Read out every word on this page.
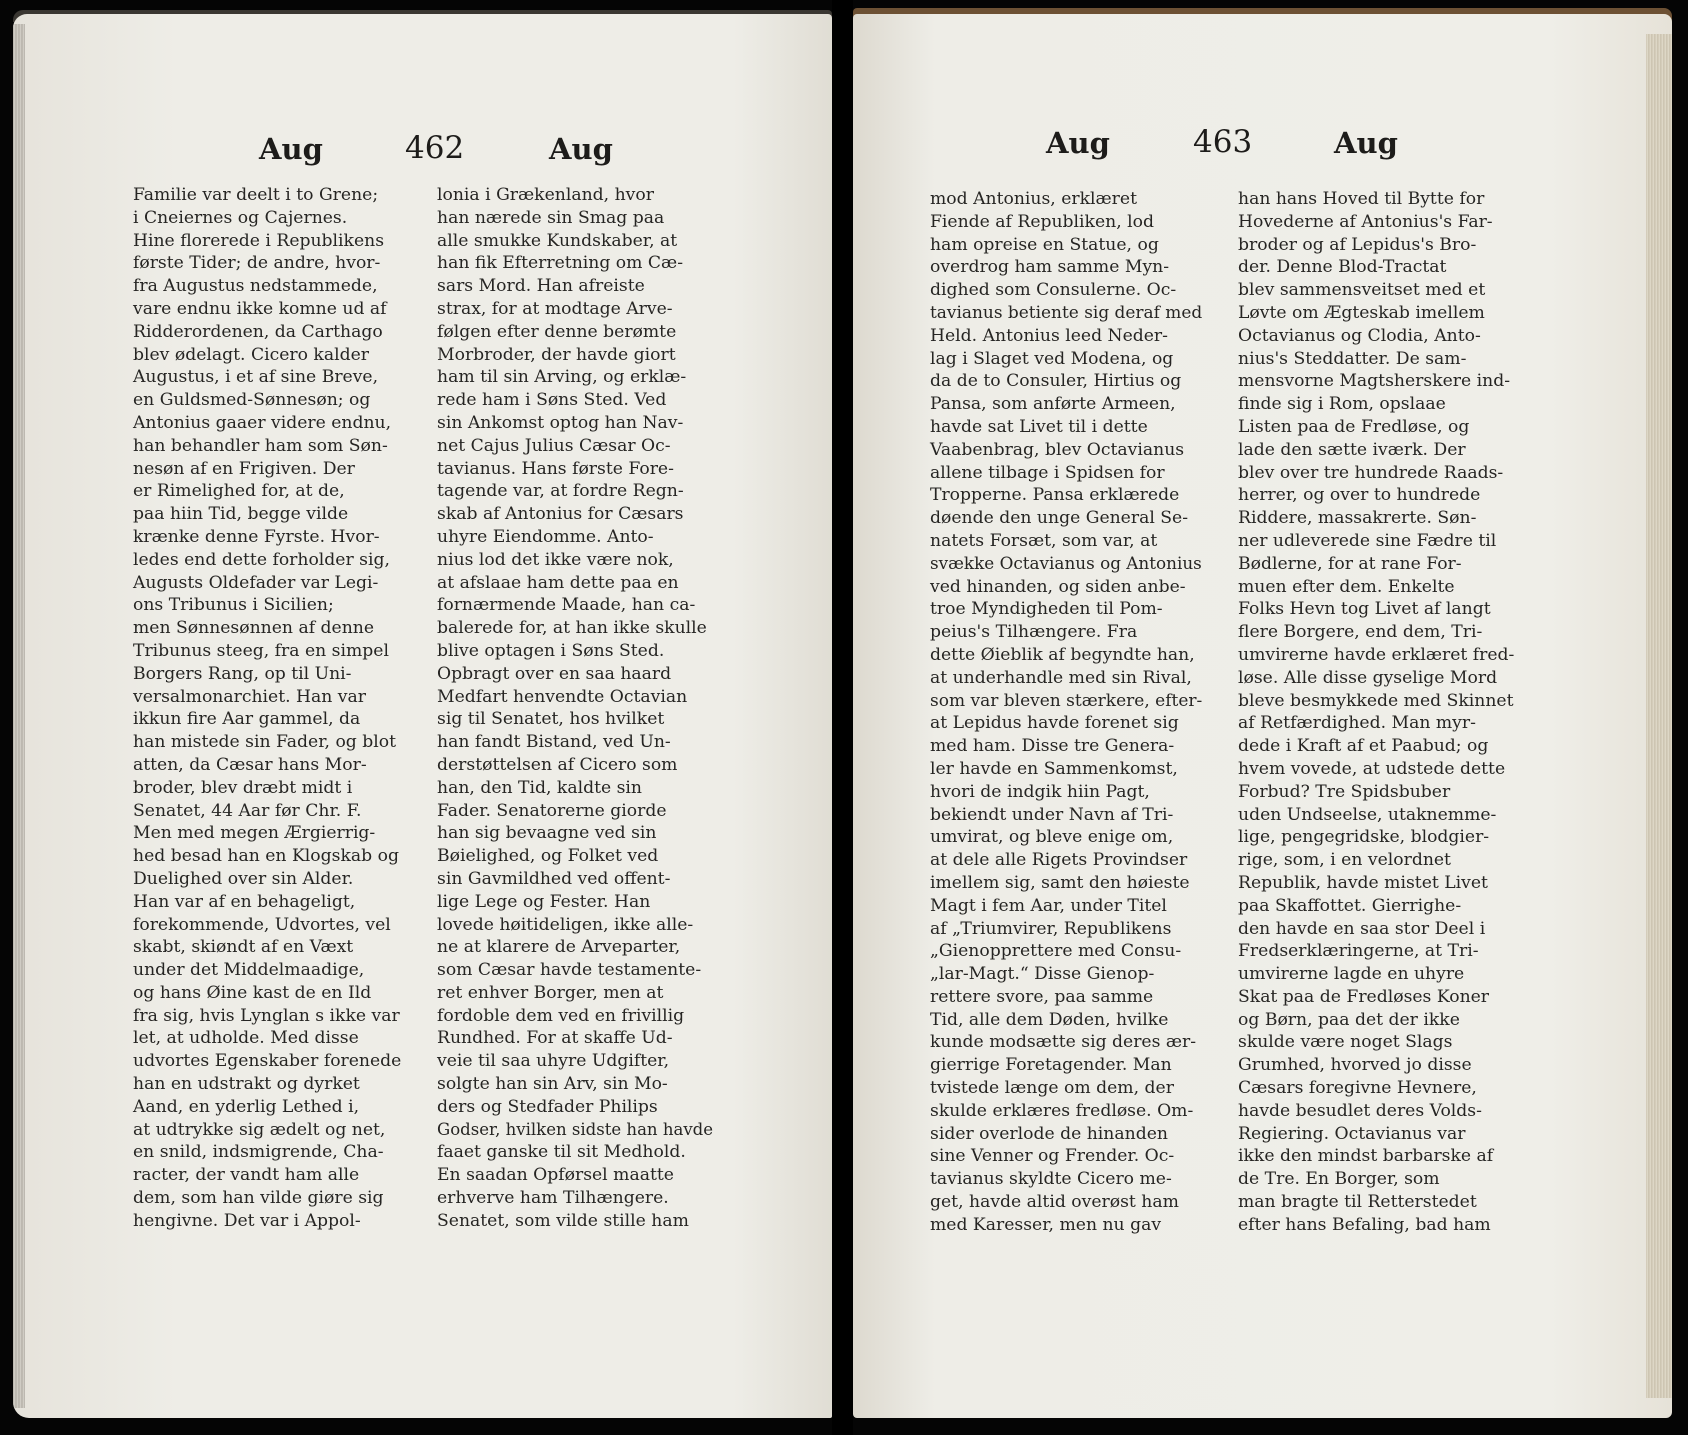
Aug	462	Aug
Familie var deelt i to Grene;
i Cneiernes og Cajernes.
Hine florerede i Republikens
første Tider; de andre, hvor-
fra Augustus nedstammede,
vare endnu ikke komne ud af
Ridderordenen, da Carthago
blev ødelagt. Cicero kalder
Augustus, i et af sine Breve,
en Guldsmed-Sønnesøn; og
Antonius gaaer videre endnu,
han behandler ham som Søn-
nesøn af en Frigiven. Der
er Rimelighed for, at de,
paa hiin Tid, begge vilde
krænke denne Fyrste. Hvor-
ledes end dette forholder sig,
Augusts Oldefader var Legi-
ons Tribunus i Sicilien;
men Sønnesønnen af denne
Tribunus steeg, fra en simpel
Borgers Rang, op til Uni-
versalmonarchiet. Han var
ikkun fire Aar gammel, da
han mistede sin Fader, og blot
atten, da Cæsar hans Mor-
broder, blev dræbt midt i
Senatet, 44 Aar før Chr. F.
Men med megen Ærgierrig-
hed besad han en Klogskab og
Duelighed over sin Alder.
Han var af en behageligt,
forekommende, Udvortes, vel
skabt, skiøndt af en Væxt
under det Middelmaadige,
og hans Øine kast de en Ild
fra sig, hvis Lynglan s ikke var
let, at udholde. Med disse
udvortes Egenskaber forenede
han en udstrakt og dyrket
Aand, en yderlig Lethed i,
at udtrykke sig ædelt og net,
en snild, indsmigrende, Cha-
racter, der vandt ham alle
dem, som han vilde giøre sig
hengivne. Det var i Appol-
lonia i Grækenland, hvor
han nærede sin Smag paa
alle smukke Kundskaber, at
han fik Efterretning om Cæ-
sars Mord. Han afreiste
strax, for at modtage Arve-
følgen efter denne berømte
Morbroder, der havde giort
ham til sin Arving, og erklæ-
rede ham i Søns Sted. Ved
sin Ankomst optog han Nav-
net Cajus Julius Cæsar Oc-
tavianus. Hans første Fore-
tagende var, at fordre Regn-
skab af Antonius for Cæsars
uhyre Eiendomme. Anto-
nius lod det ikke være nok,
at afslaae ham dette paa en
fornærmende Maade, han ca-
balerede for, at han ikke skulle
blive optagen i Søns Sted.
Opbragt over en saa haard
Medfart henvendte Octavian
sig til Senatet, hos hvilket
han fandt Bistand, ved Un-
derstøttelsen af Cicero som
han, den Tid, kaldte sin
Fader. Senatorerne giorde
han sig bevaagne ved sin
Bøielighed, og Folket ved
sin Gavmildhed ved offent-
lige Lege og Fester. Han
lovede høitideligen, ikke alle-
ne at klarere de Arveparter,
som Cæsar havde testamente-
ret enhver Borger, men at
fordoble dem ved en frivillig
Rundhed. For at skaffe Ud-
veie til saa uhyre Udgifter,
solgte han sin Arv, sin Mo-
ders og Stedfader Philips
Godser, hvilken sidste han havde
faaet ganske til sit Medhold.
En saadan Opførsel maatte
erhverve ham Tilhængere.
Senatet, som vilde stille ham
Aug	463	Aug
mod Antonius, erklæret
Fiende af Republiken, lod
ham opreise en Statue, og
overdrog ham samme Myn-
dighed som Consulerne. Oc-
tavianus betiente sig deraf med
Held. Antonius leed Neder-
lag i Slaget ved Modena, og
da de to Consuler, Hirtius og
Pansa, som anførte Armeen,
havde sat Livet til i dette
Vaabenbrag, blev Octavianus
allene tilbage i Spidsen for
Tropperne. Pansa erklærede
døende den unge General Se-
natets Forsæt, som var, at
svække Octavianus og Antonius
ved hinanden, og siden anbe-
troe Myndigheden til Pom-
peius's Tilhængere. Fra
dette Øieblik af begyndte han,
at underhandle med sin Rival,
som var bleven stærkere, efter-
at Lepidus havde forenet sig
med ham. Disse tre Genera-
ler havde en Sammenkomst,
hvori de indgik hiin Pagt,
bekiendt under Navn af Tri-
umvirat, og bleve enige om,
at dele alle Rigets Provindser
imellem sig, samt den høieste
Magt i fem Aar, under Titel
af „Triumvirer, Republikens
„Gienopprettere med Consu-
„lar-Magt.“ Disse Gienop-
rettere svore, paa samme
Tid, alle dem Døden, hvilke
kunde modsætte sig deres ær-
gierrige Foretagender. Man
tvistede længe om dem, der
skulde erklæres fredløse. Om-
sider overlode de hinanden
sine Venner og Frender. Oc-
tavianus skyldte Cicero me-
get, havde altid overøst ham
med Karesser, men nu gav
han hans Hoved til Bytte for
Hovederne af Antonius's Far-
broder og af Lepidus's Bro-
der. Denne Blod-Tractat
blev sammensveitset med et
Løvte om Ægteskab imellem
Octavianus og Clodia, Anto-
nius's Steddatter. De sam-
mensvorne Magtsherskere ind-
finde sig i Rom, opslaae
Listen paa de Fredløse, og
lade den sætte iværk. Der
blev over tre hundrede Raads-
herrer, og over to hundrede
Riddere, massakrerte. Søn-
ner udleverede sine Fædre til
Bødlerne, for at rane For-
muen efter dem. Enkelte
Folks Hevn tog Livet af langt
flere Borgere, end dem, Tri-
umvirerne havde erklæret fred-
løse. Alle disse gyselige Mord
bleve besmykkede med Skinnet
af Retfærdighed. Man myr-
dede i Kraft af et Paabud; og
hvem vovede, at udstede dette
Forbud? Tre Spidsbuber
uden Undseelse, utaknemme-
lige, pengegridske, blodgier-
rige, som, i en velordnet
Republik, havde mistet Livet
paa Skaffottet. Gierrighe-
den havde en saa stor Deel i
Fredserklæringerne, at Tri-
umvirerne lagde en uhyre
Skat paa de Fredløses Koner
og Børn, paa det der ikke
skulde være noget Slags
Grumhed, hvorved jo disse
Cæsars foregivne Hevnere,
havde besudlet deres Volds-
Regiering. Octavianus var
ikke den mindst barbarske af
de Tre. En Borger, som
man bragte til Retterstedet
efter hans Befaling, bad ham
